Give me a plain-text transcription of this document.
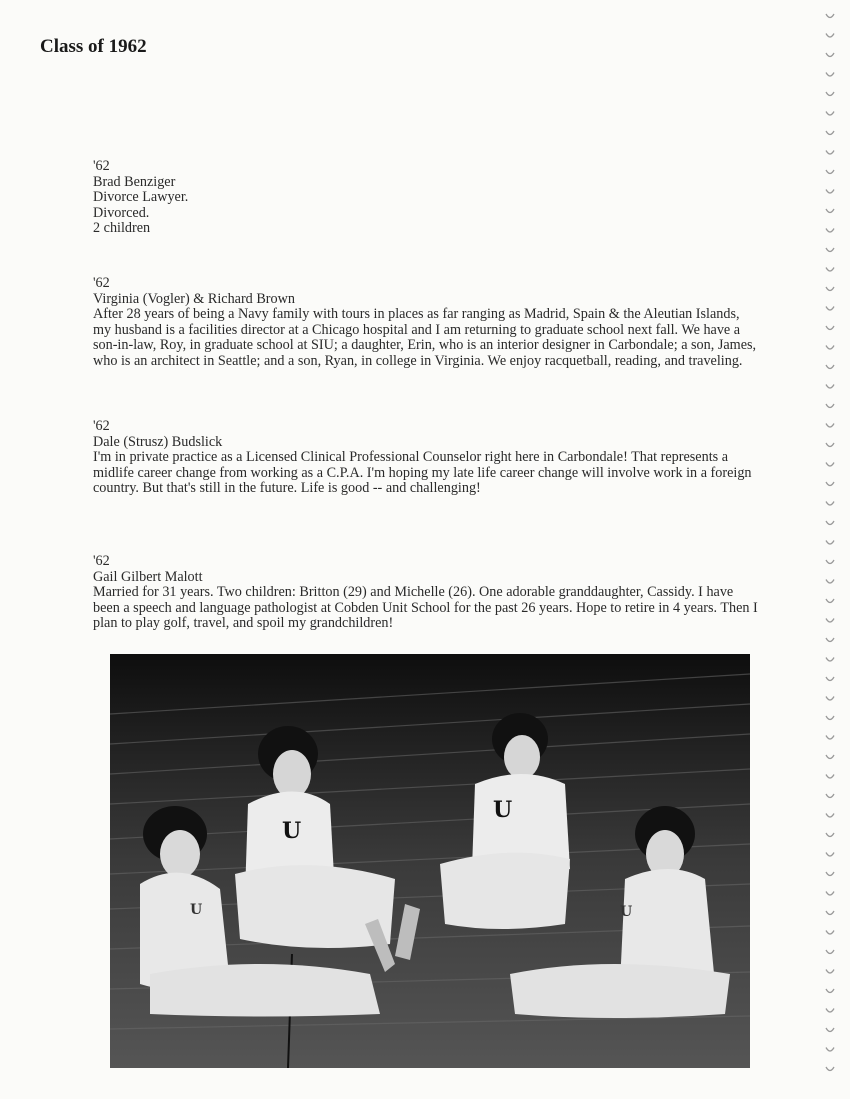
Class of 1962
'62
Brad Benziger
Divorce Lawyer.
Divorced.
2 children
'62
Virginia (Vogler) & Richard Brown
After 28 years of being a Navy family with tours in places as far ranging as Madrid, Spain & the Aleutian Islands, my husband is a facilities director at a Chicago hospital and I am returning to graduate school next fall. We have a son-in-law, Roy, in graduate school at SIU; a daughter, Erin, who is an interior designer in Carbondale; a son, James, who is an architect in Seattle; and a son, Ryan, in college in Virginia. We enjoy racquetball, reading, and traveling.
'62
Dale (Strusz) Budslick
I'm in private practice as a Licensed Clinical Professional Counselor right here in Carbondale! That represents a midlife career change from working as a C.P.A. I'm hoping my late life career change will involve work in a foreign country. But that's still in the future. Life is good -- and challenging!
'62
Gail Gilbert Malott
Married for 31 years. Two children: Britton (29) and Michelle (26). One adorable granddaughter, Cassidy. I have been a speech and language pathologist at Cobden Unit School for the past 26 years. Hope to retire in 4 years. Then I plan to play golf, travel, and spoil my grandchildren!
U
U
U	U
